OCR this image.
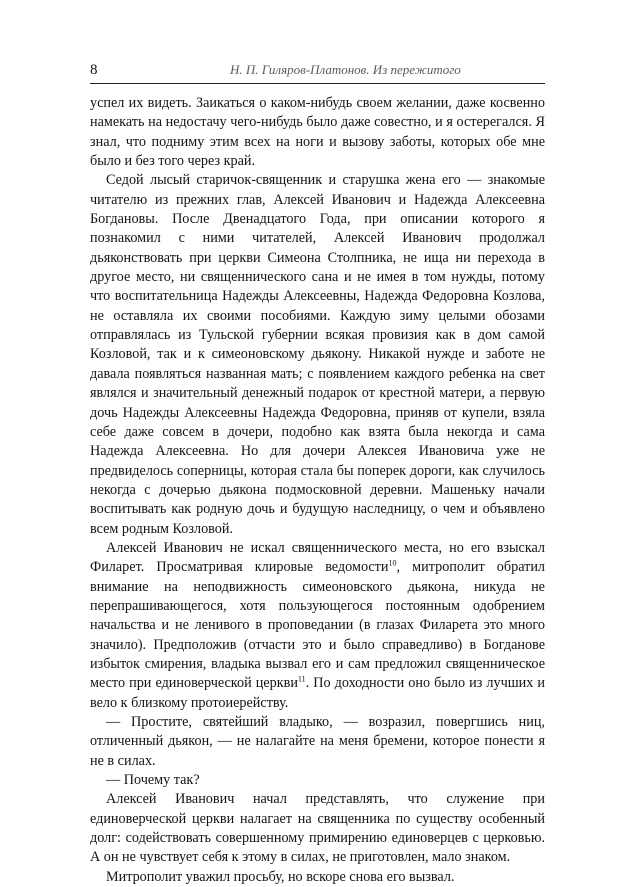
8	Н. П. Гиляров-Платонов. Из пережитого

успел их видеть. Заикаться о каком-нибудь своем желании, даже косвенно намекать на недостачу чего-нибудь было даже совестно, и я остерегался. Я знал, что подниму этим всех на ноги и вызову заботы, которых обе мне было и без того через край.

Седой лысый старичок-священник и старушка жена его — знакомые читателю из прежних глав, Алексей Иванович и Надежда Алексеевна Богдановы. После Двенадцатого Года, при описании которого я познакомил с ними читателей, Алексей Иванович продолжал дьяконствовать при церкви Симеона Столпника, не ища ни перехода в другое место, ни священнического сана и не имея в том нужды, потому что воспитательница Надежды Алексеевны, Надежда Федоровна Козлова, не оставляла их своими пособиями. Каждую зиму целыми обозами отправлялась из Тульской губернии всякая провизия как в дом самой Козловой, так и к симеоновскому дьякону. Никакой нужде и заботе не давала появляться названная мать; с появлением каждого ребенка на свет являлся и значительный денежный подарок от крестной матери, а первую дочь Надежды Алексеевны Надежда Федоровна, приняв от купели, взяла себе даже совсем в дочери, подобно как взята была некогда и сама Надежда Алексеевна. Но для дочери Алексея Ивановича уже не предвиделось соперницы, которая стала бы поперек дороги, как случилось некогда с дочерью дьякона подмосковной деревни. Машеньку начали воспитывать как родную дочь и будущую наследницу, о чем и объявлено всем родным Козловой.

Алексей Иванович не искал священнического места, но его взыскал Филарет. Просматривая клировые ведомости$^{10}$, митрополит обратил внимание на неподвижность симеоновского дьякона, никуда не перепрашивающегося, хотя пользующегося постоянным одобрением начальства и не ленивого в проповедании (в глазах Филарета это много значило). Предположив (отчасти это и было справедливо) в Богданове избыток смирения, владыка вызвал его и сам предложил священническое место при единоверческой церкви$^{11}$. По доходности оно было из лучших и вело к близкому протоиерейству.

— Простите, святейший владыко, — возразил, повергшись ниц, отличенный дьякон, — не налагайте на меня бремени, которое понести я не в силах.

— Почему так?

Алексей Иванович начал представлять, что служение при единоверческой церкви налагает на священника по существу особенный долг: содействовать совершенному примирению единоверцев с церковью. А он не чувствует себя к этому в силах, не приготовлен, мало знаком.

Митрополит уважил просьбу, но вскоре снова его вызвал.
